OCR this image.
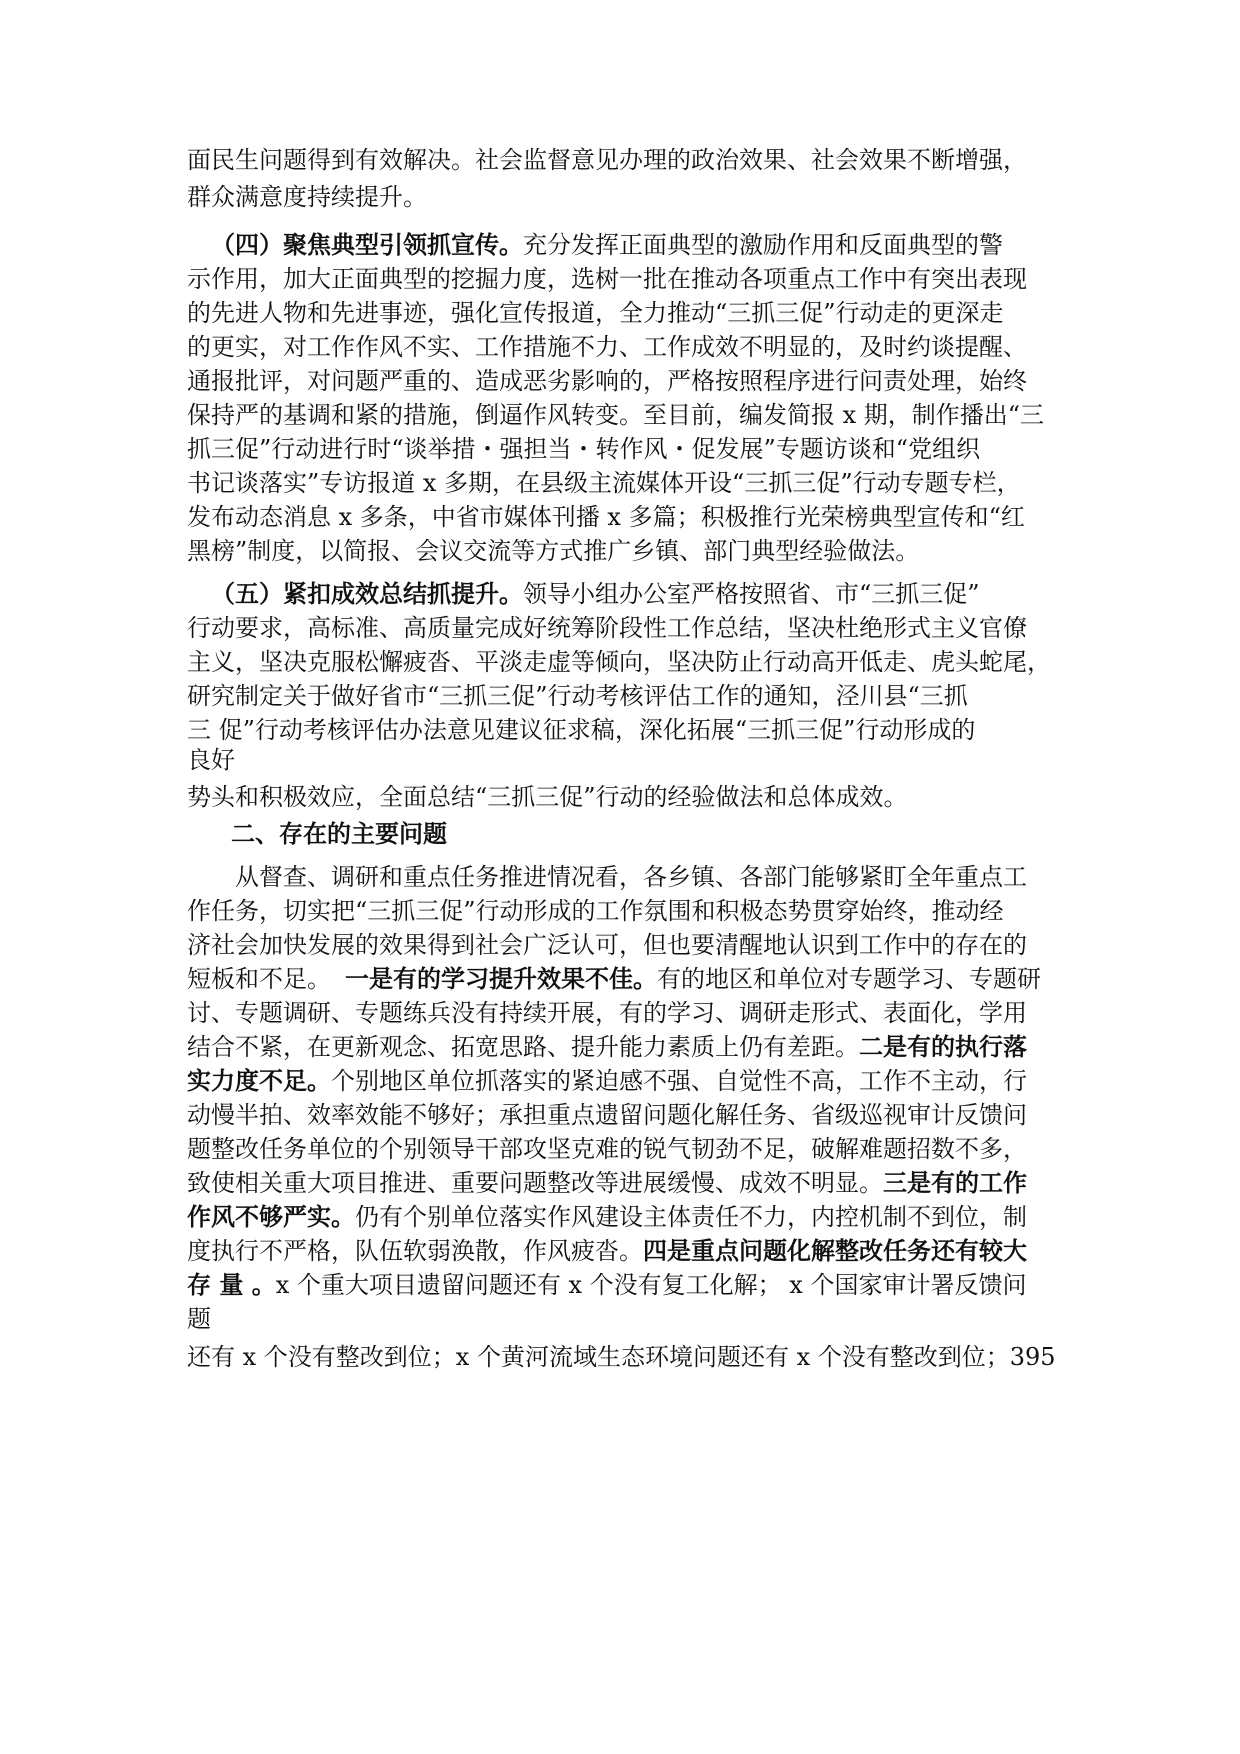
面民生问题得到有效解决。社会监督意见办理的政治效果、社会效果不断增强，
群众满意度持续提升。
（四）聚焦典型引领抓宣传。充分发挥正面典型的激励作用和反面典型的警
示作用，加大正面典型的挖掘力度，选树一批在推动各项重点工作中有突出表现
的先进人物和先进事迹，强化宣传报道，全力推动“三抓三促”行动走的更深走
的更实，对工作作风不实、工作措施不力、工作成效不明显的，及时约谈提醒、
通报批评，对问题严重的、造成恶劣影响的，严格按照程序进行问责处理，始终
保持严的基调和紧的措施，倒逼作风转变。至目前，编发简报 x 期，制作播出“三
抓三促”行动进行时“谈举措・强担当・转作风・促发展”专题访谈和“党组织
书记谈落实”专访报道 x 多期，在县级主流媒体开设“三抓三促”行动专题专栏，
发布动态消息 x 多条，中省市媒体刊播 x 多篇；积极推行光荣榜典型宣传和“红
黑榜”制度，以简报、会议交流等方式推广乡镇、部门典型经验做法。
（五）紧扣成效总结抓提升。领导小组办公室严格按照省、市“三抓三促”
行动要求，高标准、高质量完成好统筹阶段性工作总结，坚决杜绝形式主义官僚
主义，坚决克服松懈疲沓、平淡走虚等倾向，坚决防止行动高开低走、虎头蛇尾，
研究制定关于做好省市“三抓三促”行动考核评估工作的通知，泾川县“三抓
三 促”行动考核评估办法意见建议征求稿，深化拓展“三抓三促”行动形成的
良好
势头和积极效应，全面总结“三抓三促”行动的经验做法和总体成效。
二、存在的主要问题
从督查、调研和重点任务推进情况看，各乡镇、各部门能够紧盯全年重点工
作任务，切实把“三抓三促”行动形成的工作氛围和积极态势贯穿始终，推动经
济社会加快发展的效果得到社会广泛认可，但也要清醒地认识到工作中的存在的
短板和不足。 一是有的学习提升效果不佳。有的地区和单位对专题学习、专题研
讨、专题调研、专题练兵没有持续开展，有的学习、调研走形式、表面化，学用
结合不紧，在更新观念、拓宽思路、提升能力素质上仍有差距。二是有的执行落
实力度不足。个别地区单位抓落实的紧迫感不强、自觉性不高，工作不主动，行
动慢半拍、效率效能不够好；承担重点遗留问题化解任务、省级巡视审计反馈问
题整改任务单位的个别领导干部攻坚克难的锐气韧劲不足，破解难题招数不多，
致使相关重大项目推进、重要问题整改等进展缓慢、成效不明显。三是有的工作
作风不够严实。仍有个别单位落实作风建设主体责任不力，内控机制不到位，制
度执行不严格，队伍软弱涣散，作风疲沓。四是重点问题化解整改任务还有较大
存 量 。x 个重大项目遗留问题还有 x 个没有复工化解； x 个国家审计署反馈问
题
还有 x 个没有整改到位；x 个黄河流域生态环境问题还有 x 个没有整改到位；395
